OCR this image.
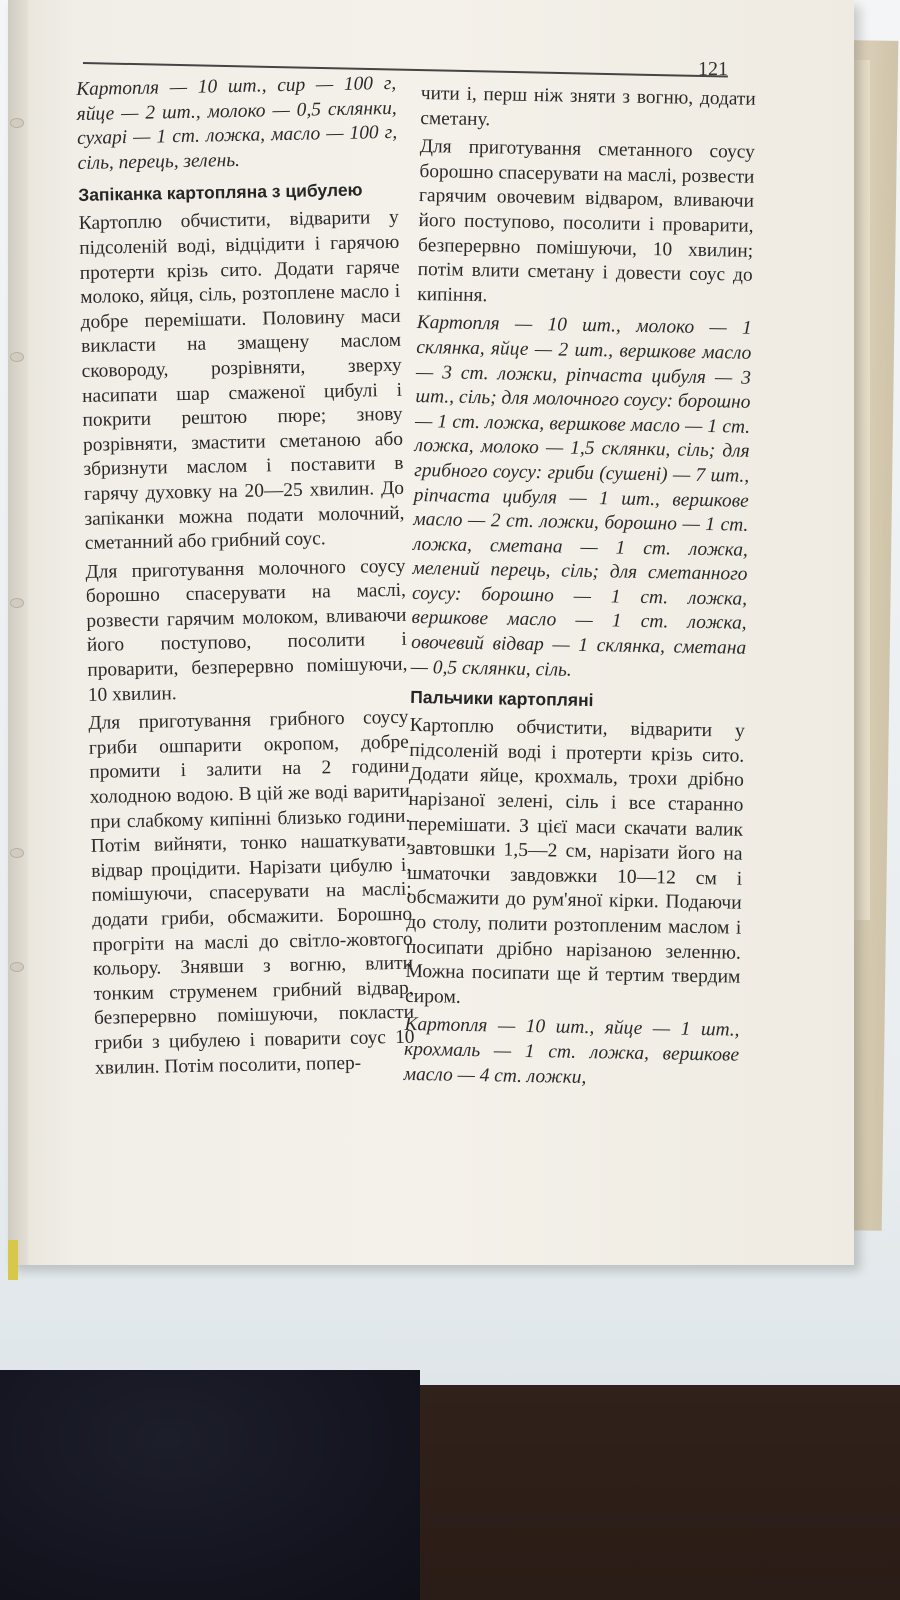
121

Картопля — 10 шт., сир — 100 г, яйце — 2 шт., молоко — 0,5 склянки, сухарі — 1 ст. ложка, масло — 100 г, сіль, перець, зелень.

Запіканка картопляна з цибулею

Картоплю обчистити, відварити у підсоленій воді, відцідити і гарячою протерти крізь сито. Додати гаряче молоко, яйця, сіль, розтоплене масло і добре перемішати. Половину маси викласти на змащену маслом сковороду, розрівняти, зверху насипати шар смаженої цибулі і покрити рештою пюре; знову розрівняти, змастити сметаною або збризнути маслом і поставити в гарячу духовку на 20—25 хвилин. До запіканки можна подати молочний, сметанний або грибний соус.

Для приготування молочного соусу борошно спасерувати на маслі, розвести гарячим молоком, вливаючи його поступово, посолити і проварити, безперервно помішуючи, 10 хвилин.

Для приготування грибного соусу гриби ошпарити окропом, добре промити і залити на 2 години холодною водою. В цій же воді варити при слабкому кипінні близько години. Потім вийняти, тонко нашаткувати, відвар процідити. Нарізати цибулю і, помішуючи, спасерувати на маслі; додати гриби, обсмажити. Борошно прогріти на маслі до світло-жовтого кольору. Знявши з вогню, влити тонким струменем грибний відвар, безперервно помішуючи, покласти гриби з цибулею і поварити соус 10 хвилин. Потім посолити, попер-

чити і, перш ніж зняти з вогню, додати сметану.

Для приготування сметанного соусу борошно спасерувати на маслі, розвести гарячим овочевим відваром, вливаючи його поступово, посолити і проварити, безперервно помішуючи, 10 хвилин; потім влити сметану і довести соус до кипіння.

Картопля — 10 шт., молоко — 1 склянка, яйце — 2 шт., вершкове масло — 3 ст. ложки, ріпчаста цибуля — 3 шт., сіль; для молочного соусу: борошно — 1 ст. ложка, вершкове масло — 1 ст. ложка, молоко — 1,5 склянки, сіль; для грибного соусу: гриби (сушені) — 7 шт., ріпчаста цибуля — 1 шт., вершкове масло — 2 ст. ложки, борошно — 1 ст. ложка, сметана — 1 ст. ложка, мелений перець, сіль; для сметанного соусу: борошно — 1 ст. ложка, вершкове масло — 1 ст. ложка, овочевий відвар — 1 склянка, сметана — 0,5 склянки, сіль.

Пальчики картопляні

Картоплю обчистити, відварити у підсоленій воді і протерти крізь сито. Додати яйце, крохмаль, трохи дрібно нарізаної зелені, сіль і все старанно перемішати. З цієї маси скачати валик завтовшки 1,5—2 см, нарізати його на шматочки завдовжки 10—12 см і обсмажити до рум'яної кірки. Подаючи до столу, полити розтопленим маслом і посипати дрібно нарізаною зеленню. Можна посипати ще й тертим твердим сиром.

Картопля — 10 шт., яйце — 1 шт., крохмаль — 1 ст. ложка, вершкове масло — 4 ст. ложки,
